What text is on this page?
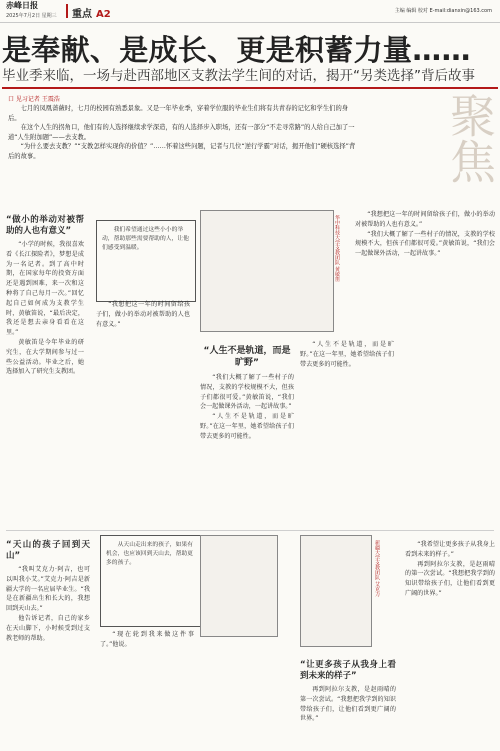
赤峰日报
2025年7月2日 星期三 重点 A2	主编 编辑 校对 E-mail:dianxin@163.com
是奉献、是成长、更是积蓄力量……
毕业季来临，一场与赴西部地区支教法学生间的对话，揭开“另类选择”背后故事
口 见习记者 王震浩

七月的凤凰蔷薇时，七月的校园有熟悉景象。又是一年毕业季，穿着学位服的毕业生们将有共青春的记忆和学生们的身后。

在这个人生的拐角口，他们有的人选择继续求学深造，有的人选择步入职场，还有一部分“不走寻常路”的人给自己加了一道“人生附加题”——去支教。

“为什么要去支教？”“支教怎样实现你的价值？”……怀着这些问题，记者与几位“逆行学霸”对话，揭开他们“硬核选择”背后的故事。	聚焦
“做小的举动对被帮助的人也有意义”

“小学的时候，我很喜欢看《长江探险者》，梦想是成为一名记者。到了高中时期，在国家每年的投资方面还是遇到困难，来一次和这种将了自己每月一次。”回忆起自己如何成为支教学生时，黄敏笛说，“最后决定，我还是想去亲身看看在这里。”

黄敏笛是今年毕业的研究生，在大学期间参与过一些公益活动。毕业之后，她选择加入了研究生支教团。

我们希望通过这些小小的举动，帮助那些需要帮助的人，让他们感受到温暖。	华中科技大学支教团队 黄敏笛

“我想把这一年的时间留给孩子们，做小的举动对被帮助的人也有意义。”

“我们大概了解了一些村子的情况，支教的学校规模不大，但孩子们都很可爱。”黄敏笛说，“我们会一起做课外活动，一起讲故事。”

“我想把这一年的时间留给孩子们，做小的举动对被帮助的人也有意义。”

“人生不是轨道，而是旷野”

“我们大概了解了一些村子的情况，支教的学校规模不大，但孩子们都很可爱。”黄敏笛说，“我们会一起做课外活动，一起讲故事。”

“人生不是轨道，而是旷野。”在这一年里，她希望给孩子们带去更多的可能性。

“人生不是轨道，而是旷野。”在这一年里，她希望给孩子们带去更多的可能性。

“天山的孩子回到天山”

“我叫艾克力·阿吉，也可以叫我小艾。”艾克力·阿吉是新疆大学的一名应届毕业生。“我是在新疆出生和长大的，我想回到天山去。”

他告诉记者，自己的家乡在天山脚下，小时候受到过支教老师的帮助。

从天山走出来的孩子，如果有机会，也应该回到天山去，帮助更多的孩子。

“现在轮到我来做这件事了。”他说。

新疆大学支教团队 艾克力
“让更多孩子从我身上看到未来的样子”

再到阿拉尔支教，是赵雨晴的第一次尝试。“我想把我学到的知识带给孩子们，让他们看到更广阔的世界。”

“我希望让更多孩子从我身上看到未来的样子。”

再到阿拉尔支教，是赵雨晴的第一次尝试。“我想把我学到的知识带给孩子们，让他们看到更广阔的世界。”
